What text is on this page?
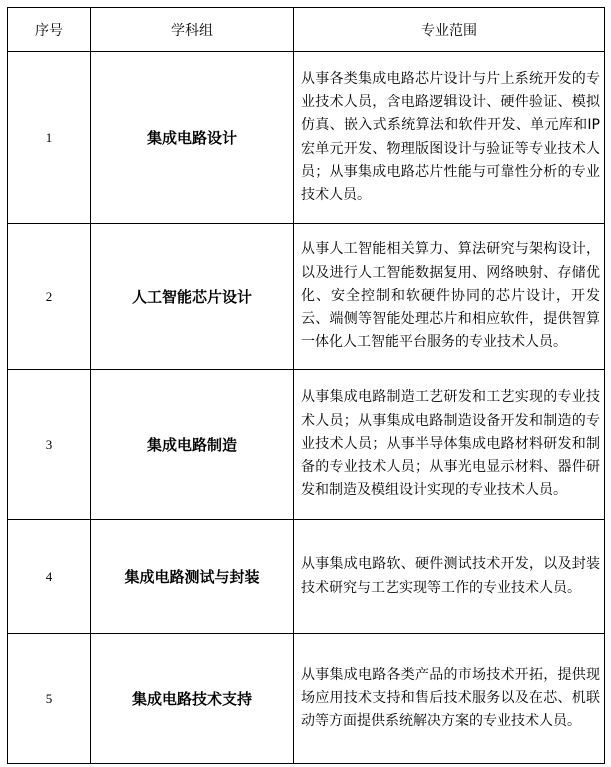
序号	学科组	专业范围
1	集成电路设计	从事各类集成电路芯片设计与片上系统开发的专业技术人员，含电路逻辑设计、硬件验证、模拟仿真、嵌入式系统算法和软件开发、单元库和IP宏单元开发、物理版图设计与验证等专业技术人员；从事集成电路芯片性能与可靠性分析的专业技术人员。
2	人工智能芯片设计	从事人工智能相关算力、算法研究与架构设计，以及进行人工智能数据复用、网络映射、存储优化、安全控制和软硬件协同的芯片设计，开发云、端侧等智能处理芯片和相应软件，提供智算一体化人工智能平台服务的专业技术人员。
3	集成电路制造	从事集成电路制造工艺研发和工艺实现的专业技术人员；从事集成电路制造设备开发和制造的专业技术人员；从事半导体集成电路材料研发和制备的专业技术人员；从事光电显示材料、器件研发和制造及模组设计实现的专业技术人员。
4	集成电路测试与封装	从事集成电路软、硬件测试技术开发，以及封装技术研究与工艺实现等工作的专业技术人员。
5	集成电路技术支持	从事集成电路各类产品的市场技术开拓，提供现场应用技术支持和售后技术服务以及在芯、机联动等方面提供系统解决方案的专业技术人员。
